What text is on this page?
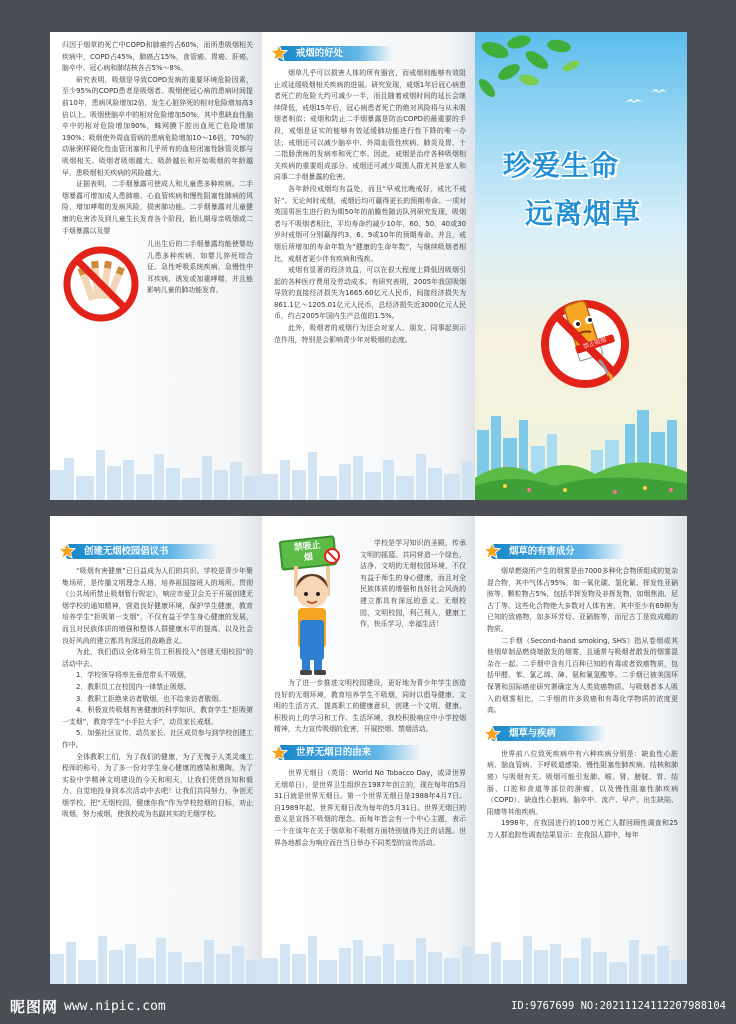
归因于烟草的死亡中COPD和肺癌约占60%，而所患吸烟相关疾病中，COPD占45%，肺癌占15%，食管癌、胃癌、肝癌、脑卒中、冠心病和肺结核各占5%～8%。

研究表明，吸烟是导致COPD发病的重要环境危险因素，至少95%的COPD患者是吸烟者。吸烟使冠心病的患病时间提前10年，患病风险增加2倍，发生心脏猝死的相对危险增加高3倍以上。吸烟使脑卒中的相对危险增加50%，其中患缺血性脑卒中的相对危险增加90%，蛛网膜下腔出血死亡危险增加190%；吸烟使外周血管病的患病危险增加10～16倍，70%的动脉粥样硬化性血管闭塞和几乎所有的血栓闭塞性脉管炎都与吸烟相关。吸烟者吸烟越大、吸龄越长和开始吸烟的年龄越早，患吸烟相关疾病的风险越大。

证据表明，二手烟暴露可使成人和儿童患多种疾病。二手烟暴露可增加成人患肺癌、心血管疾病和慢性阻塞性肺病的风险，增加哮喘的发病风险，损害肺功能。二手烟暴露对儿童健康的危害涉及到儿童生长发育各个阶段，胎儿期母亲吸烟或二手烟暴露以及婴

儿出生后的二手烟暴露均能使婴幼儿患多种疾病，如婴儿猝死综合征、急性呼吸系统疾病、急慢性中耳疾病，诱发或加重哮喘，并且能影响儿童的肺功能发育。
戒烟的好处

烟草几乎可以损害人体的所有器官，而戒烟则能够有效阻止或延缓吸烟相关疾病的进展。研究发现，戒烟1年后冠心病患者死亡的危险大约可减少一半，而且随着戒烟时间的延长会继续降低，戒烟15年后，冠心病患者死亡的绝对风险将与从未吸烟者相似；戒烟和防止二手烟暴露是防治COPD的最重要的手段，戒烟是证实的能够有效延缓肺功能进行性下降的唯一办法；戒烟还可以减少脑卒中、外周血管性疾病、肺炎及胃、十二指肠溃疡的发病率和死亡率。因此，戒烟是治疗各种吸烟相关疾病的重要组成部分。戒烟还可减少周围人群尤其是家人和同事二手烟暴露的危害。

各年龄段戒烟均有益处，而且“早戒比晚戒好，戒比不戒好”。无论何时戒烟，戒烟后均可赢得更长的预期寿命。一项对英国男医生进行的为期50年的前瞻性随访队列研究发现，吸烟者与不吸烟者相比，平均寿命约减少10年，60、50、40或30岁时戒烟可分别赢得约3、6、9或10年的预期寿命。并且，戒烟后所增加的寿命年数为“健康的生命年数”，与继续吸烟者相比，戒烟者更少伴有疾病和残疾。

戒烟有显著的经济效益，可以在很大程度上降低因吸烟引起的各种医疗费用及劳动成本。有研究表明，2005年我国吸烟导致的直接经济损失为1665.60亿元人民币，间接经济损失为861.1亿～1205.01亿元人民币，总经济损失近3000亿元人民币，约占2005年国内生产总值的1.5%。

此外，吸烟者的戒烟行为还会对家人、朋友、同事起到示范作用，特别是会影响青少年对吸烟的态度。

珍爱生命
远离烟草
禁止吸烟
创建无烟校园倡议书

“吸烟有害健康”已日益成为人们的共识。学校是青少年聚集场所，是传播文明理念人格，培养祖国接班人的场所。贯彻《公共场所禁止吸烟暂行规定》，响应市爱卫会关于开展创建无烟学校的通知精神，营造良好健康环境，保护学生健康，教育培养学生“拒吸第一支烟”，不仅有益于学生身心健康的发展，而且对民族体质的增强和整体人群健康水平的提高，以及社会良好风尚的建立都具有深远的战略意义。

为此，我们倡议全体师生员工积极投入“创建无烟校园”的活动中去。

1．学校领导将率先垂范带头不吸烟，

2．教职员工在校园内一律禁止吸烟。

3．教职工拒绝来访者敬烟，也不给来访者敬烟。

4．积极宣传吸烟有害健康的科学知识，教育学生“拒吸第一支烟”，教育学生“小手拉大手”，动员家长戒烟。

5．加强社区宣传，动员家长、社区成员参与到学校创建工作中。

全体教职工们，为了我们的健康，为了无愧于人类灵魂工程师的称号，为了多一份对学生身心健康的感染和熏陶，为了实验中学精神文明建设的今天和明天，让我们凭借良知和毅力，自觉地投身到本次活动中去吧！让我们共同努力，争创无烟学校，把“无烟校园，健康你我”作为学校控烟的目标，劝止吸烟，努力戒烟，使我校成为名副其实的无烟学校。

禁吸止烟
学校是学习知识的圣殿，传承文明的摇篮。共同营造一个绿色、洁净、文明的无烟校园环境，不仅有益于师生的身心健康，而且对全民族体质的增强和良好社会风尚的建立都具有深远的意义。无烟校园，文明校园，利己利人，健康工作，快乐学习，幸福生活！

为了进一步推进文明校园建设，更好地为青少年学生创造良好的无烟环境，教育培养学生不吸烟，同时以倡导健康、文明的生活方式，提高职工的健康意识，创建一个文明、健康、积极向上的学习和工作、生活环境，我校积极响应中小学控烟精神，大力宣传吸烟的危害，开展控烟、禁烟活动。

世界无烟日的由来

世界无烟日（英语：World No Tobacco Day，或译世界无烟草日），是世界卫生组织在1987年创立的，现在每年的5月31日就是世界无烟日。第一个世界无烟日是1988年4月7日。自1989年起，世界无烟日改为每年的5月31日。世界无烟日的意义是宣扬不吸烟的理念。而每年皆会有一个中心主题，表示一个在该年在关于烟草和不吸烟方面特别值得关注的话题。世界各地都会为响应而在当日举办不同类型的宣传活动。

烟草的有害成分

烟草燃烧所产生的烟雾是由7000多种化合物所组成的复杂混合物，其中气体占95%，如一氧化碳、氢化氰、挥发性亚硝胺等，颗粒物占5%，包括半挥发物及非挥发物，如烟焦油、尼古丁等。这些化合物绝大多数对人体有害，其中至少有69种为已知的致癌物，如多环芳烃、亚硝胺等，而尼古丁是致成瘾的物质。

二手烟（Second-hand smoking, SHS）指从卷烟或其他烟草制品燃烧端散发的烟雾，且通常与吸烟者散发的烟雾混杂在一起。二手烟中含有几百种已知的有毒或者致癌物质，包括甲醛、苯、氯乙烯、砷、氨和氰氢酸等。二手烟已被美国环保署和国际癌症研究署确定为人类致癌物质。与吸烟者本人吸入的烟雾相比，二手烟的许多致癌和有毒化学物质的浓度更高。

烟草与疾病

世界前八位致死疾病中有六种疾病分别是：缺血性心脏病、脑血管病、下呼吸道感染、慢性阻塞性肺疾病、结核和肺癌）与吸烟有关。吸烟可能引发肺、喉、肾、膀胱、胃、结肠、口腔和食道等部位的肿瘤，以及慢性阻塞性肺疾病（COPD）、缺血性心脏病、脑卒中、流产、早产、出生缺陷、阳痿等其他疾病。

1998年，在我国进行的100万死亡人群回顾性调查和25万人群追踪性调查结果显示：在我国人群中，每年

昵图网 www.nipic.com	ID:9767699 NO:20211124112207988104
